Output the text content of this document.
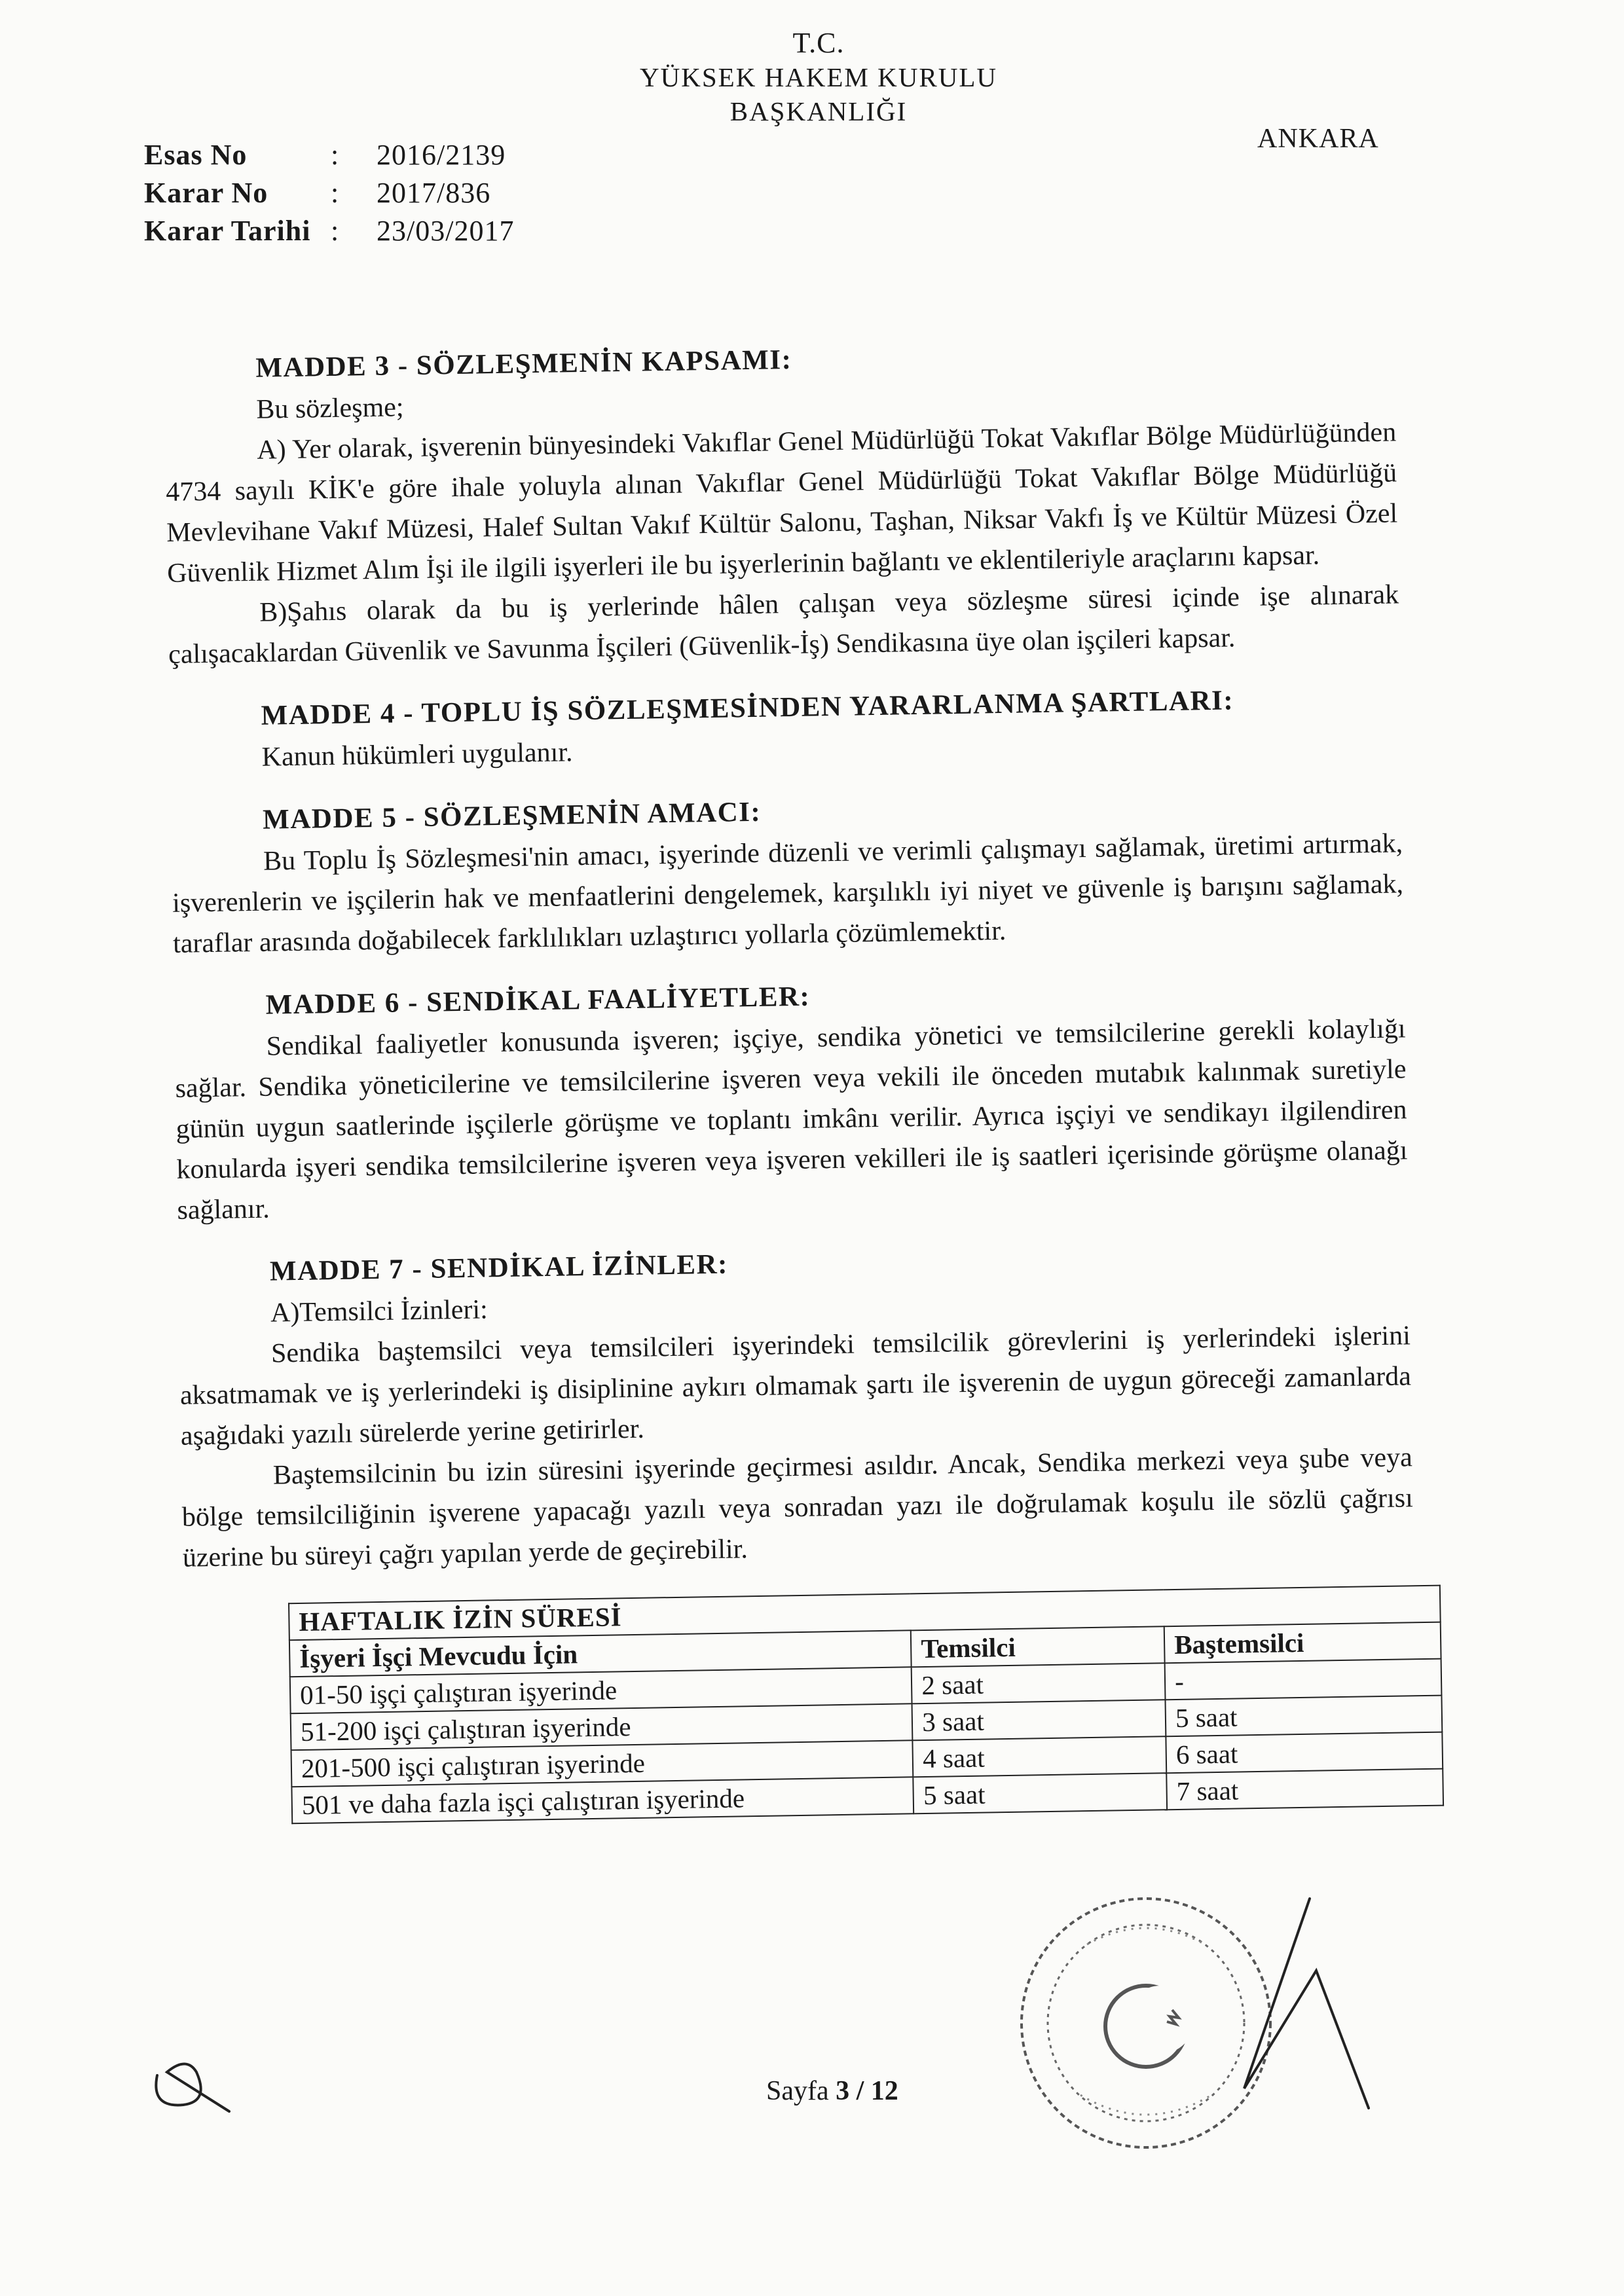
T.C.
YÜKSEK HAKEM KURULU
BAŞKANLIĞI
ANKARA
Esas No	:	2016/2139
Karar No	:	2017/836
Karar Tarihi :	23/03/2017
MADDE 3 - SÖZLEŞMENİN KAPSAMI:

Bu sözleşme;

A) Yer olarak, işverenin bünyesindeki Vakıflar Genel Müdürlüğü Tokat Vakıflar Bölge Müdürlüğünden 4734 sayılı KİK'e göre ihale yoluyla alınan Vakıflar Genel Müdürlüğü Tokat Vakıflar Bölge Müdürlüğü Mevlevihane Vakıf Müzesi, Halef Sultan Vakıf Kültür Salonu, Taşhan, Niksar Vakfı İş ve Kültür Müzesi Özel Güvenlik Hizmet Alım İşi ile ilgili işyerleri ile bu işyerlerinin bağlantı ve eklentileriyle araçlarını kapsar.

B)Şahıs olarak da bu iş yerlerinde hâlen çalışan veya sözleşme süresi içinde işe alınarak çalışacaklardan Güvenlik ve Savunma İşçileri (Güvenlik-İş) Sendikasına üye olan işçileri kapsar.

MADDE 4 - TOPLU İŞ SÖZLEŞMESİNDEN YARARLANMA ŞARTLARI:

Kanun hükümleri uygulanır.

MADDE 5 - SÖZLEŞMENİN AMACI:

Bu Toplu İş Sözleşmesi'nin amacı, işyerinde düzenli ve verimli çalışmayı sağlamak, üretimi artırmak, işverenlerin ve işçilerin hak ve menfaatlerini dengelemek, karşılıklı iyi niyet ve güvenle iş barışını sağlamak, taraflar arasında doğabilecek farklılıkları uzlaştırıcı yollarla çözümlemektir.

MADDE 6 - SENDİKAL FAALİYETLER:

Sendikal faaliyetler konusunda işveren; işçiye, sendika yönetici ve temsilcilerine gerekli kolaylığı sağlar. Sendika yöneticilerine ve temsilcilerine işveren veya vekili ile önceden mutabık kalınmak suretiyle günün uygun saatlerinde işçilerle görüşme ve toplantı imkânı verilir. Ayrıca işçiyi ve sendikayı ilgilendiren konularda işyeri sendika temsilcilerine işveren veya işveren vekilleri ile iş saatleri içerisinde görüşme olanağı sağlanır.

MADDE 7 - SENDİKAL İZİNLER:

A)Temsilci İzinleri:

Sendika baştemsilci veya temsilcileri işyerindeki temsilcilik görevlerini iş yerlerindeki işlerini aksatmamak ve iş yerlerindeki iş disiplinine aykırı olmamak şartı ile işverenin de uygun göreceği zamanlarda aşağıdaki yazılı sürelerde yerine getirirler.

Baştemsilcinin bu izin süresini işyerinde geçirmesi asıldır. Ancak, Sendika merkezi veya şube veya bölge temsilciliğinin işverene yapacağı yazılı veya sonradan yazı ile doğrulamak koşulu ile sözlü çağrısı üzerine bu süreyi çağrı yapılan yerde de geçirebilir.

HAFTALIK İZİN SÜRESİ		
İşyeri İşçi Mevcudu İçin	Temsilci	Baştemsilci
01-50 işçi çalıştıran işyerinde	2 saat	-
51-200 işçi çalıştıran işyerinde	3 saat	5 saat
201-500 işçi çalıştıran işyerinde	4 saat	6 saat
501 ve daha fazla işçi çalıştıran işyerinde	5 saat	7 saat
Sayfa 3 / 12
